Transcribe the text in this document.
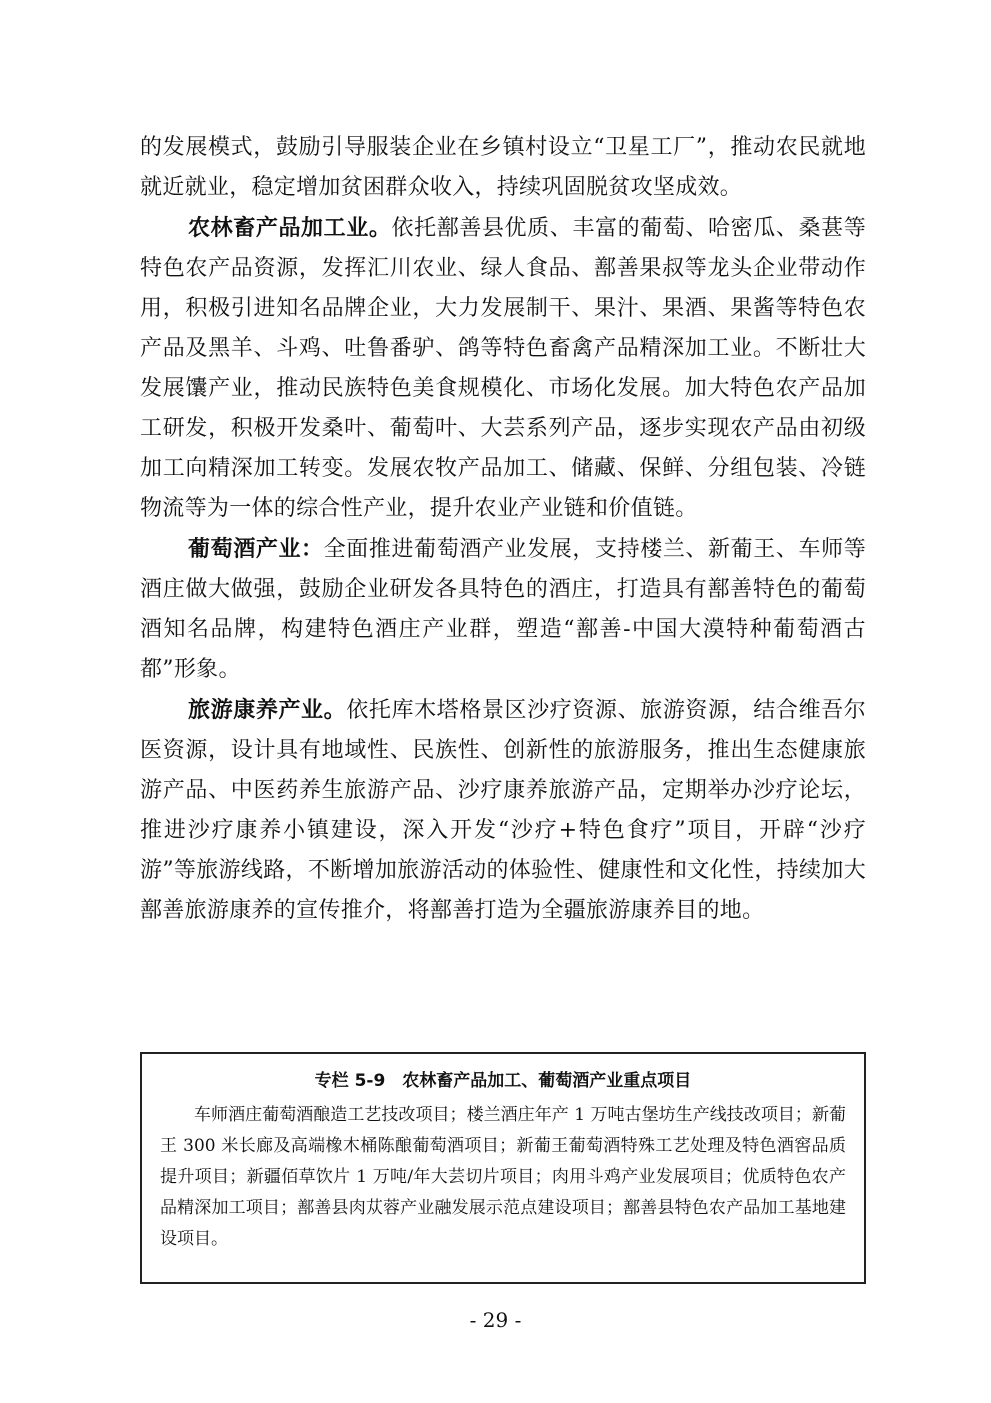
的发展模式，鼓励引导服装企业在乡镇村设立“卫星工厂”，推动农民就地就近就业，稳定增加贫困群众收入，持续巩固脱贫攻坚成效。

农林畜产品加工业。依托鄯善县优质、丰富的葡萄、哈密瓜、桑葚等特色农产品资源，发挥汇川农业、绿人食品、鄯善果叔等龙头企业带动作用，积极引进知名品牌企业，大力发展制干、果汁、果酒、果酱等特色农产品及黑羊、斗鸡、吐鲁番驴、鸽等特色畜禽产品精深加工业。不断壮大发展馕产业，推动民族特色美食规模化、市场化发展。加大特色农产品加工研发，积极开发桑叶、葡萄叶、大芸系列产品，逐步实现农产品由初级加工向精深加工转变。发展农牧产品加工、储藏、保鲜、分组包装、冷链物流等为一体的综合性产业，提升农业产业链和价值链。

葡萄酒产业：全面推进葡萄酒产业发展，支持楼兰、新葡王、车师等酒庄做大做强，鼓励企业研发各具特色的酒庄，打造具有鄯善特色的葡萄酒知名品牌，构建特色酒庄产业群，塑造“鄯善-中国大漠特种葡萄酒古都”形象。

旅游康养产业。依托库木塔格景区沙疗资源、旅游资源，结合维吾尔医资源，设计具有地域性、民族性、创新性的旅游服务，推出生态健康旅游产品、中医药养生旅游产品、沙疗康养旅游产品，定期举办沙疗论坛，推进沙疗康养小镇建设，深入开发“沙疗+特色食疗”项目，开辟“沙疗游”等旅游线路，不断增加旅游活动的体验性、健康性和文化性，持续加大鄯善旅游康养的宣传推介，将鄯善打造为全疆旅游康养目的地。

专栏 5-9　农林畜产品加工、葡萄酒产业重点项目

车师酒庄葡萄酒酿造工艺技改项目；楼兰酒庄年产 1 万吨古堡坊生产线技改项目；新葡王 300 米长廊及高端橡木桶陈酿葡萄酒项目；新葡王葡萄酒特殊工艺处理及特色酒窖品质提升项目；新疆佰草饮片 1 万吨/年大芸切片项目；肉用斗鸡产业发展项目；优质特色农产品精深加工项目；鄯善县肉苁蓉产业融发展示范点建设项目；鄯善县特色农产品加工基地建设项目。

- 29 -
